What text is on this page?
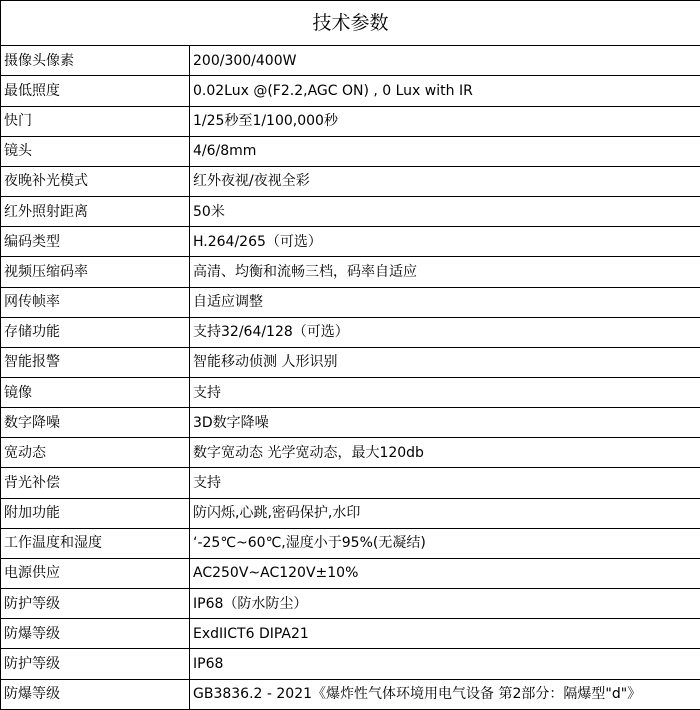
技术参数	
摄像头像素	200/300/400W
最低照度	0.02Lux @(F2.2,AGC ON) , 0 Lux with IR
快门	1/25秒至1/100,000秒
镜头	4/6/8mm
夜晚补光模式	红外夜视/夜视全彩
红外照射距离	50米
编码类型	H.264/265（可选）
视频压缩码率	高清、均衡和流畅三档，码率自适应
网传帧率	自适应调整
存储功能	支持32/64/128（可选）
智能报警	智能移动侦测 人形识别
镜像	支持
数字降噪	3D数字降噪
宽动态	数字宽动态 光学宽动态，最大120db
背光补偿	支持
附加功能	防闪烁,心跳,密码保护,水印
工作温度和湿度	‘-25℃~60℃,湿度小于95%(无凝结)
电源供应	AC250V~AC120V±10%
防护等级	IP68（防水防尘）
防爆等级	ExdIICT6 DIPA21
防护等级	IP68
防爆等级	GB3836.2 - 2021《爆炸性气体环境用电气设备 第2部分：隔爆型"d"》
